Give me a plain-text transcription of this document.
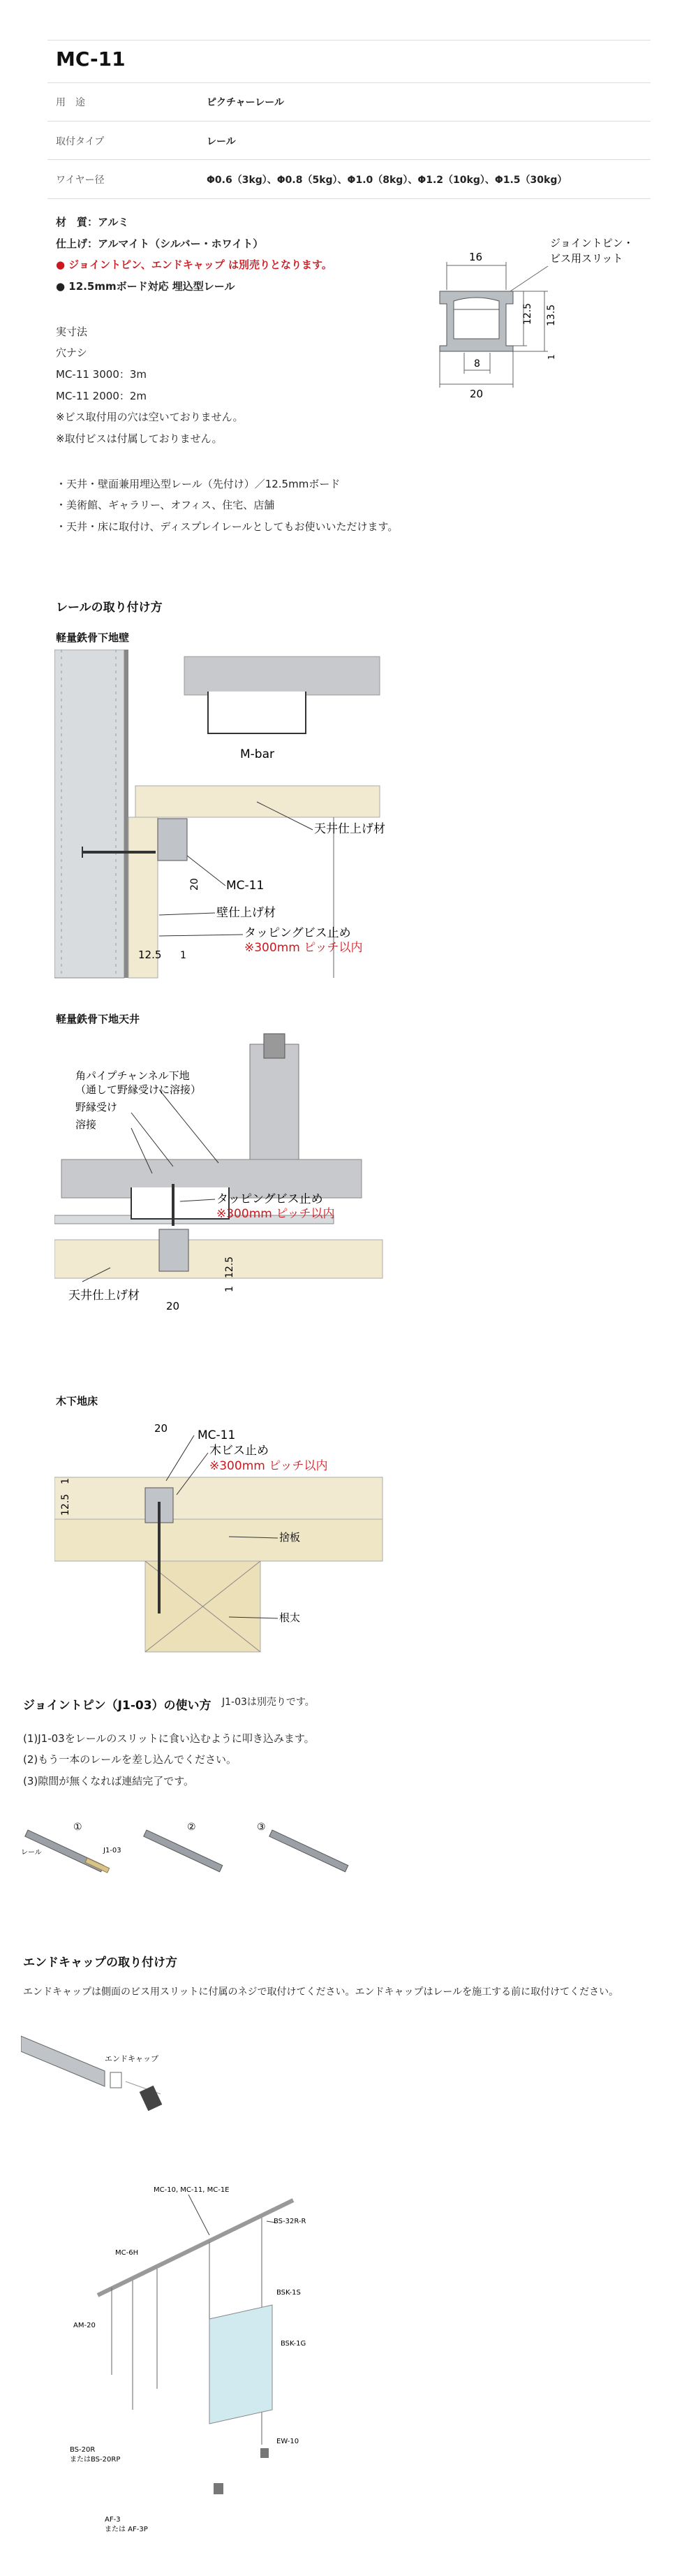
MC-11
用　途	ピクチャーレール
取付タイプ	レール
ワイヤー径	Φ0.6（3kg）、Φ0.8（5kg）、Φ1.0（8kg）、Φ1.2（10kg）、Φ1.5（30kg）
材　質：アルミ
仕上げ：アルマイト（シルバー・ホワイト）
● ジョイントピン、エンドキャップ は別売りとなります。
● 12.5mmボード対応 埋込型レール
実寸法
穴ナシ
MC-11 3000：3m
MC-11 2000：2m
※ビス取付用の穴は空いておりません。
※取付ビスは付属しておりません。
・天井・壁面兼用埋込型レール（先付け）／12.5mmボード
・美術館、ギャラリー、オフィス、住宅、店舗
・天井・床に取付け、ディスプレイレールとしてもお使いいただけます。
16
12.5 13.5
1
8
20
ジョイントピン・
ビス用スリット
レールの取り付け方
軽量鉄骨下地壁
M-bar
20
12.5 1
天井仕上げ材
MC-11
壁仕上げ材
タッピングビス止め
※300mm ピッチ以内
軽量鉄骨下地天井
角パイプチャンネル下地
（通して野縁受けに溶接）
野縁受け
溶接
タッピングビス止め
※300mm ピッチ以内
天井仕上げ材
20
12.5
1
木下地床
20	MC-11
木ビス止め
※300mm ピッチ以内
捨板
根太
12.5
1
ジョイントピン（J1-03）の使い方 J1-03は別売りです。
(1)J1-03をレールのスリットに食い込むように叩き込みます。
(2)もう一本のレールを差し込んでください。
(3)隙間が無くなれば連結完了です。
①	②	③
レール	J1-03
エンドキャップの取り付け方
エンドキャップは側面のビス用スリットに付属のネジで取付けてください。エンドキャップはレールを施工する前に取付けてください。
エンドキャップ
MC-10, MC-11, MC-1E
BS-32R-R
MC-6H
BSK-1S
AM-20
BSK-1G
BS-20R
またはBS-20RP
EW-10
AF-3
または AF-3P
